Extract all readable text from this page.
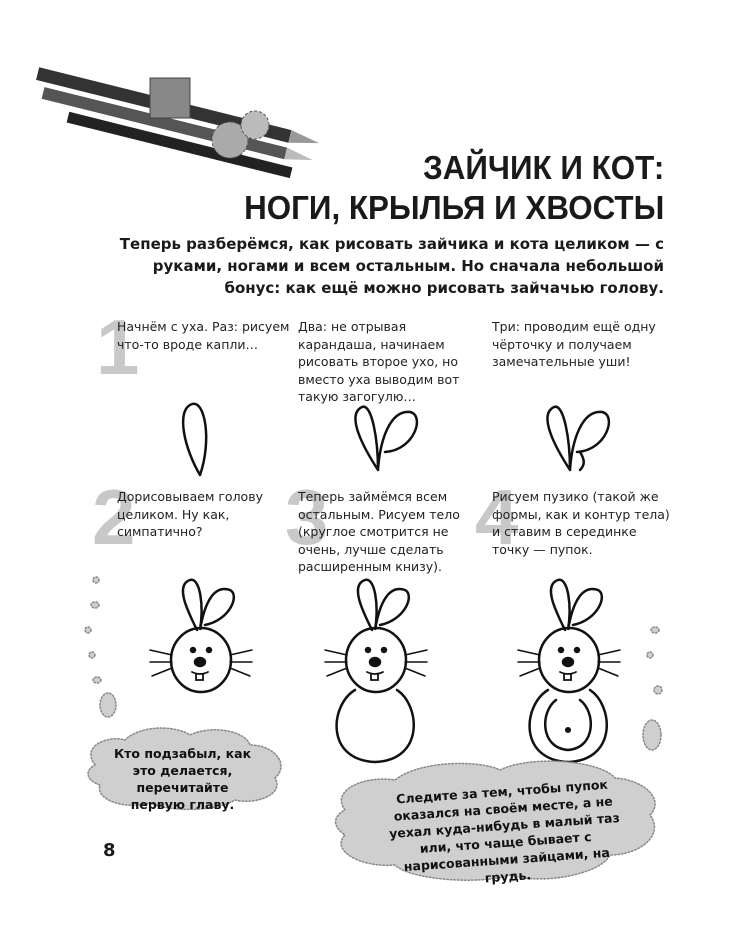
ЗАЙЧИК И КОТ:
НОГИ, КРЫЛЬЯ И ХВОСТЫ
Теперь разберёмся, как рисовать зайчика и кота целиком — с руками, ногами и всем остальным. Но сначала небольшой бонус: как ещё можно рисовать зайчачью голову.
1
2 3 4
Начнём с уха. Раз: рисуем что-то вроде капли…
Два: не отрывая карандаша, начинаем рисовать второе ухо, но вместо уха выводим вот такую загогулю…
Три: проводим ещё одну чёрточку и получаем замечательные уши!
Дорисовываем голову целиком. Ну как, симпатично?
Теперь займёмся всем остальным. Рисуем тело (круглое смотрится не очень, лучше сделать расширенным книзу).
Рисуем пузико (такой же формы, как и контур тела) и ставим в серединке точку — пупок.
Кто подзабыл, как это делается, перечитайте первую главу.	Следите за тем, чтобы пупок оказался на своём месте, а не уехал куда-нибудь в малый таз или, что чаще бывает с нарисованными зайцами, на грудь.
8
